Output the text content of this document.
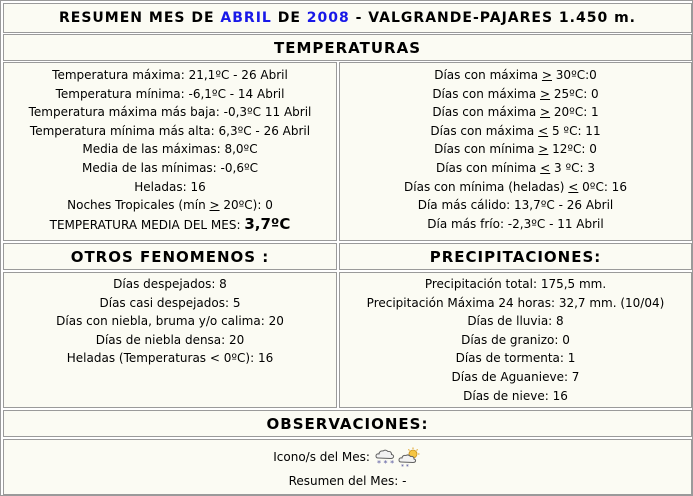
RESUMEN MES DE ABRIL DE 2008 - VALGRANDE-PAJARES 1.450 m.
TEMPERATURAS
Temperatura máxima: 21,1ºC - 26 Abril
Temperatura mínima: -6,1ºC - 14 Abril
Temperatura máxima más baja: -0,3ºC 11 Abril
Temperatura mínima más alta: 6,3ºC - 26 Abril
Media de las máximas: 8,0ºC
Media de las mínimas: -0,6ºC
Heladas: 16
Noches Tropicales (mín > 20ºC): 0
TEMPERATURA MEDIA DEL MES: 3,7ºC
Días con máxima > 30ºC:0
Días con máxima > 25ºC: 0
Días con máxima > 20ºC: 1
Días con máxima < 5 ºC: 11
Días con mínima > 12ºC: 0
Días con mínima < 3 ºC: 3
Días con mínima (heladas) < 0ºC: 16
Día más cálido: 13,7ºC - 26 Abril
Día más frío: -2,3ºC - 11 Abril
OTROS FENOMENOS :	PRECIPITACIONES:
Días despejados: 8
Días casi despejados: 5
Días con niebla, bruma y/o calima: 20
Días de niebla densa: 20
Heladas (Temperaturas < 0ºC): 16
Precipitación total: 175,5 mm.
Precipitación Máxima 24 horas: 32,7 mm. (10/04)
Días de lluvia: 8
Días de granizo: 0
Días de tormenta: 1
Días de Aguanieve: 7
Días de nieve: 16
OBSERVACIONES:
Icono/s del Mes: * * * * *
Resumen del Mes: -
